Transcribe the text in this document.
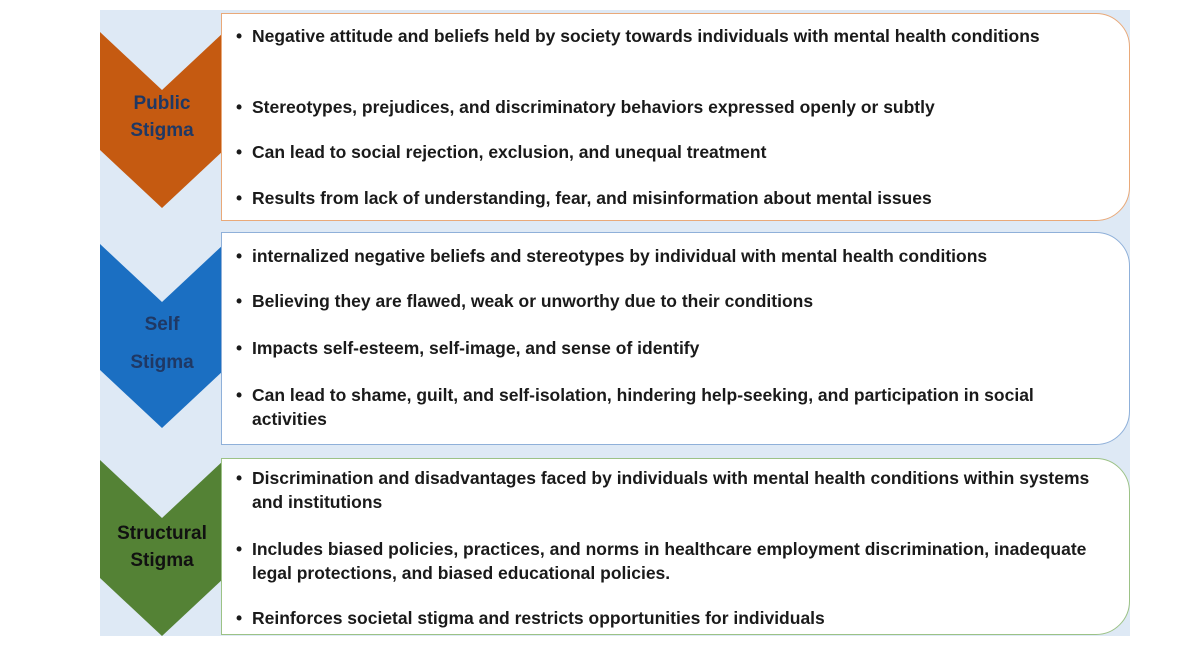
Public
Stigma
• Negative attitude and beliefs held by society towards individuals with mental health conditions
• Stereotypes, prejudices, and discriminatory behaviors expressed openly or subtly
• Can lead to social rejection, exclusion, and unequal treatment
• Results from lack of understanding, fear, and misinformation about mental issues
Self
Stigma
• internalized negative beliefs and stereotypes by individual with mental health conditions
• Believing they are flawed, weak or unworthy due to their conditions
• Impacts self-esteem, self-image, and sense of identify
• Can lead to shame, guilt, and self-isolation, hindering help-seeking, and participation in social activities
Structural
Stigma
• Discrimination and disadvantages faced by individuals with mental health conditions within systems and institutions
• Includes biased policies, practices, and norms in healthcare employment discrimination, inadequate legal protections, and biased educational policies.
• Reinforces societal stigma and restricts opportunities for individuals
